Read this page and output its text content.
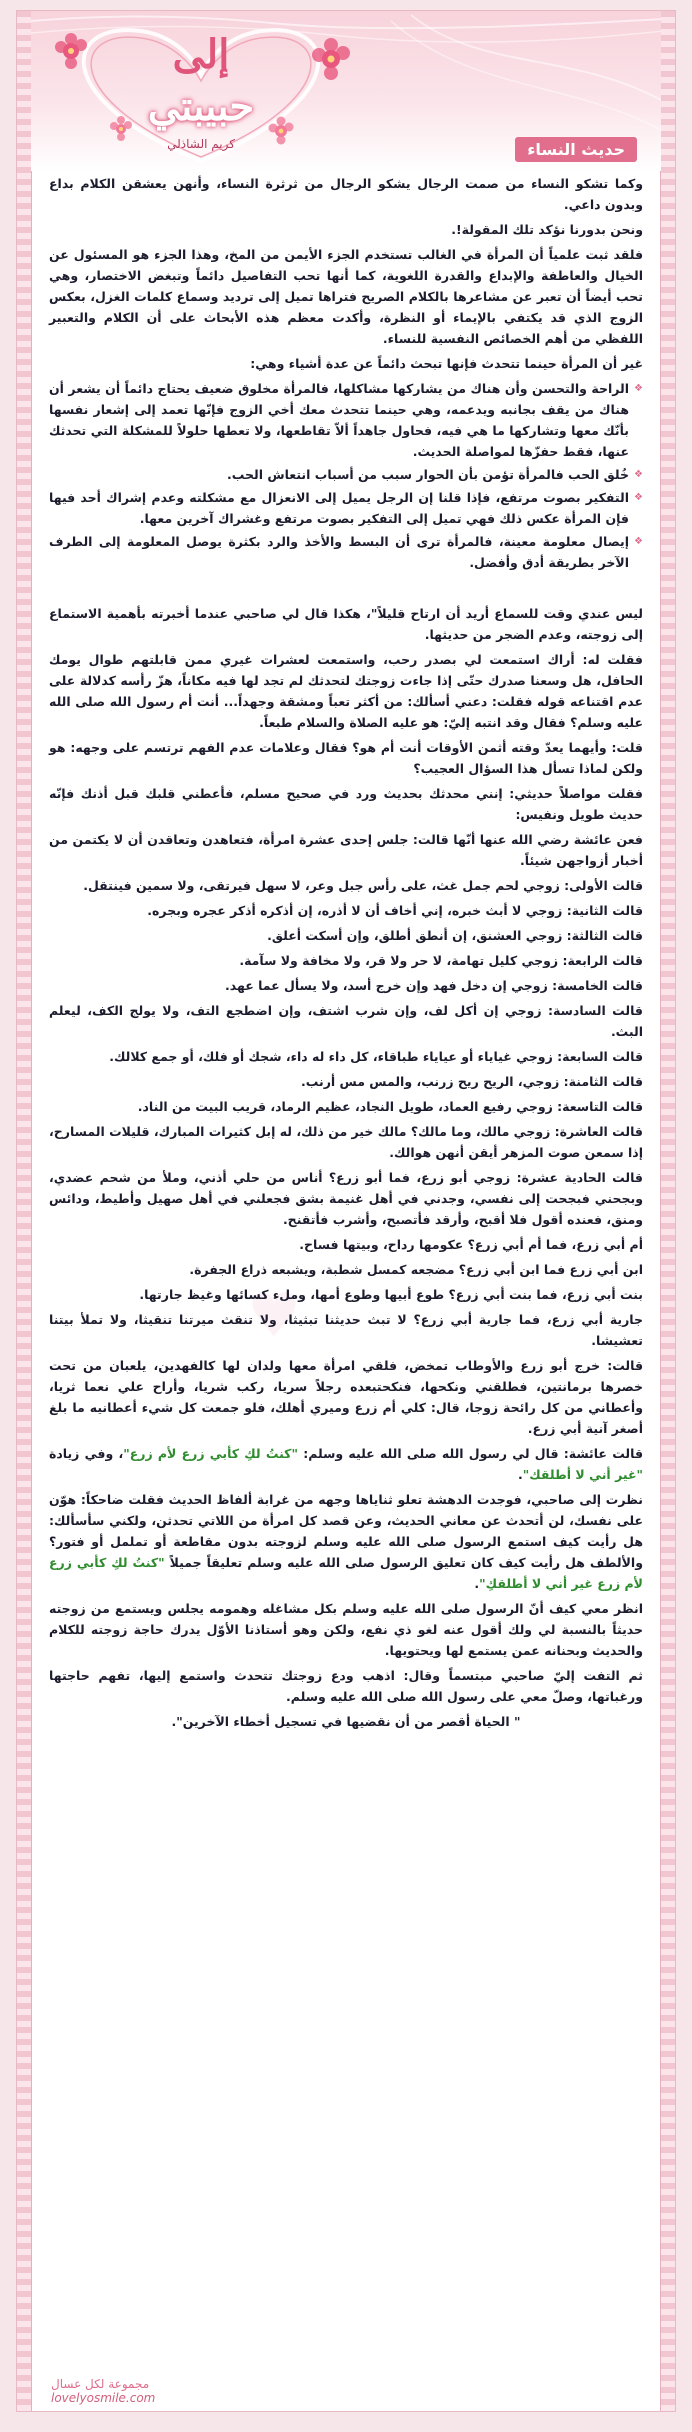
إلى
حبيبتي
كريم الشاذلي	حديث النساء
♥

وكما تشكو النساء من صمت الرجال يشكو الرجال من ثرثرة النساء، وأنهن يعشقن الكلام بداع وبدون داعي.

ونحن بدورنا نؤكد تلك المقولة!.

فلقد ثبت علمياً أن المرأة في الغالب تستخدم الجزء الأيمن من المخ، وهذا الجزء هو المسئول عن الخيال والعاطفة والإبداع والقدرة اللغوية، كما أنها تحب التفاصيل دائماً وتبغض الاختصار، وهي تحب أيضاً أن تعبر عن مشاعرها بالكلام الصريح فتراها تميل إلى ترديد وسماع كلمات الغزل، بعكس الزوج الذي قد يكتفي بالإيماء أو النظرة، وأكدت معظم هذه الأبحاث على أن الكلام والتعبير اللفظي من أهم الخصائص النفسية للنساء.

غير أن المرأة حينما تتحدث فإنها تبحث دائماً عن عدة أشياء وهي:

❖ الراحة والتحسن وأن هناك من يشاركها مشاكلها، فالمرأة مخلوق ضعيف يحتاج دائماً أن يشعر أن هناك من يقف بجانبه ويدعمه، وهي حينما تتحدث معك أخي الزوج فإنّها تعمد إلى إشعار نفسها بأنّك معها وتشاركها ما هي فيه، فحاول جاهداً ألاّ تقاطعها، ولا تعطها حلولاً للمشكلة التي تحدثك عنها، فقط حفزّها لمواصلة الحديث.
❖ خُلق الحب فالمرأة تؤمن بأن الحوار سبب من أسباب انتعاش الحب.
❖ التفكير بصوت مرتفع، فإذا قلنا إن الرجل يميل إلى الانعزال مع مشكلته وعدم إشراك أحد فيها فإن المرأة عكس ذلك فهي تميل إلى التفكير بصوت مرتفع وغشراك آخرين معها.
❖ إيصال معلومة معينة، فالمرأة ترى أن البسط والأخذ والرد بكثرة يوصل المعلومة إلى الطرف الآخر بطريقة أدق وأفضل.

ليس عندي وقت للسماع أريد أن ارتاح قليلاً"، هكذا قال لي صاحبي عندما أخبرته بأهمية الاستماع إلى زوجته، وعدم الضجر من حديثها.

فقلت له: أراك استمعت لي بصدر رحب، واستمعت لعشرات غيري ممن قابلتهم طوال يومك الحافل، هل وسعنا صدرك حتّى إذا جاءت زوجتك لتحدثك لم تجد لها فيه مكاناً، هزّ رأسه كدلالة على عدم اقتناعه قوله فقلت: دعني أسألك: من أكثر تعباً ومشقة وجهداً... أنت أم رسول الله صلى الله عليه وسلم؟ فقال وقد انتبه إليّ: هو عليه الصلاة والسلام طبعاً.

قلت: وأيهما يعدّ وقته أثمن الأوقات أنت أم هو؟ فقال وعلامات عدم الفهم ترتسم على وجهه: هو ولكن لماذا تسأل هذا السؤال العجيب؟

فقلت مواصلاً حديثي: إنني محدثك بحديث ورد في صحيح مسلم، فأعطني قلبك قبل أذنك فإنّه حديث طويل ونفيس:

فعن عائشة رضي الله عنها أنّها قالت: جلس إحدى عشرة امرأة، فتعاهدن وتعاقدن أن لا يكتمن من أخبار أزواجهن شيئاً.

قالت الأولى: زوجي لحم جمل غث، على رأس جبل وعر، لا سهل فيرتقى، ولا سمين فينتقل.

قالت الثانية: زوجي لا أبث خبره، إني أخاف أن لا أذره، إن أذكره أذكر عجره وبجره.

قالت الثالثة: زوجي العشنق، إن أنطق أطلق، وإن أسكت أعلق.

قالت الرابعة: زوجي كليل تهامة، لا حر ولا قر، ولا مخافة ولا سآمة.

قالت الخامسة: زوجي إن دخل فهد وإن خرج أسد، ولا يسأل عما عهد.

قالت السادسة: زوجي إن أكل لف، وإن شرب اشتف، وإن اضطجع التف، ولا يولج الكف، ليعلم البث.

قالت السابعة: زوجي غياياء أو عياياء طباقاء، كل داء له داء، شجك أو فلك، أو جمع كلالك.

قالت الثامنة: زوجي، الريح ريح زرنب، والمس مس أرنب.

قالت التاسعة: زوجي رفيع العماد، طويل النجاد، عظيم الرماد، قريب البيت من الناد.

قالت العاشرة: زوجي مالك، وما مالك؟ مالك خير من ذلك، له إبل كثيرات المبارك، قليلات المسارح، إذا سمعن صوت المزهر أيقن أنهن هوالك.

قالت الحادية عشرة: زوجي أبو زرع، فما أبو زرع؟ أناس من حلي أذني، وملأ من شحم عضدي، وبجحني فبجحت إلى نفسي، وجدني في أهل غنيمة بشق فجعلني في أهل صهيل وأطيط، ودائس ومنق، فعنده أقول فلا أقبح، وأرقد فأتصبح، وأشرب فأتقنح.

أم أبي زرع، فما أم أبي زرع؟ عكومها رداح، وبيتها فساح.

ابن أبي زرع فما ابن أبي زرع؟ مضجعه كمسل شطبة، ويشبعه ذراع الجفرة.

بنت أبي زرع، فما بنت أبي زرع؟ طوع أبيها وطوع أمها، وملء كسائها وغيظ جارتها.

جارية أبي زرع، فما جارية أبي زرع؟ لا تبث حديثنا تبثيثا، ولا تنقث ميرتنا تنقيثا، ولا تملأ بيتنا تعشيشا.

قالت: خرج أبو زرع والأوطاب تمخض، فلقي امرأة معها ولدان لها كالفهدين، يلعبان من تحت خصرها برمانتين، فطلقني ونكحها، فنكحتبعده رجلاً سريا، ركب شريا، وأراح علي نعما ثريا، وأعطاني من كل رائحة زوجا، قال: كلي أم زرع وميري أهلك، فلو جمعت كل شيء أعطانيه ما بلغ أصغر آنية أبي زرع.

قالت عائشة: قال لي رسول الله صلى الله عليه وسلم: "كنتُ لكِ كأبي زرع لأم زرع"، وفي زيادة "غير أني لا أطلقك".

نظرت إلى صاحبي، فوجدت الدهشة تعلو ثناياها وجهه من غرابة ألفاظ الحديث فقلت ضاحكاً: هوّن على نفسك، لن أتحدث عن معاني الحديث، وعن قصد كل امرأة من اللاتي تحدثن، ولكني سأسألك: هل رأيت كيف استمع الرسول صلى الله عليه وسلم لزوجته بدون مقاطعة أو تململ أو فتور؟ والألطف هل رأيت كيف كان تعليق الرسول صلى الله عليه وسلم تعليقاً جميلاً "كنتُ لكِ كأبي زرع لأم زرع غير أني لا أطلقكِ".

انظر معي كيف أنّ الرسول صلى الله عليه وسلم بكل مشاغله وهمومه يجلس ويستمع من زوجته حديثاً بالنسبة لي ولك أقول عنه لغو ذي نفع، ولكن وهو أستاذنا الأوّل يدرك حاجة زوجته للكلام والحديث وبحنانه عمن يستمع لها ويحتويها.

ثم التفت إليّ صاحبي مبتسماً وقال: اذهب ودع زوجتك تتحدث واستمع إليها، تفهم حاجتها ورغباتها، وصلّ معي على رسول الله صلى الله عليه وسلم.

" الحياة أقصر من أن نقضيها في تسجيل أخطاء الآخرين".

مجموعة لكل عسال
lovelyosmile.com
